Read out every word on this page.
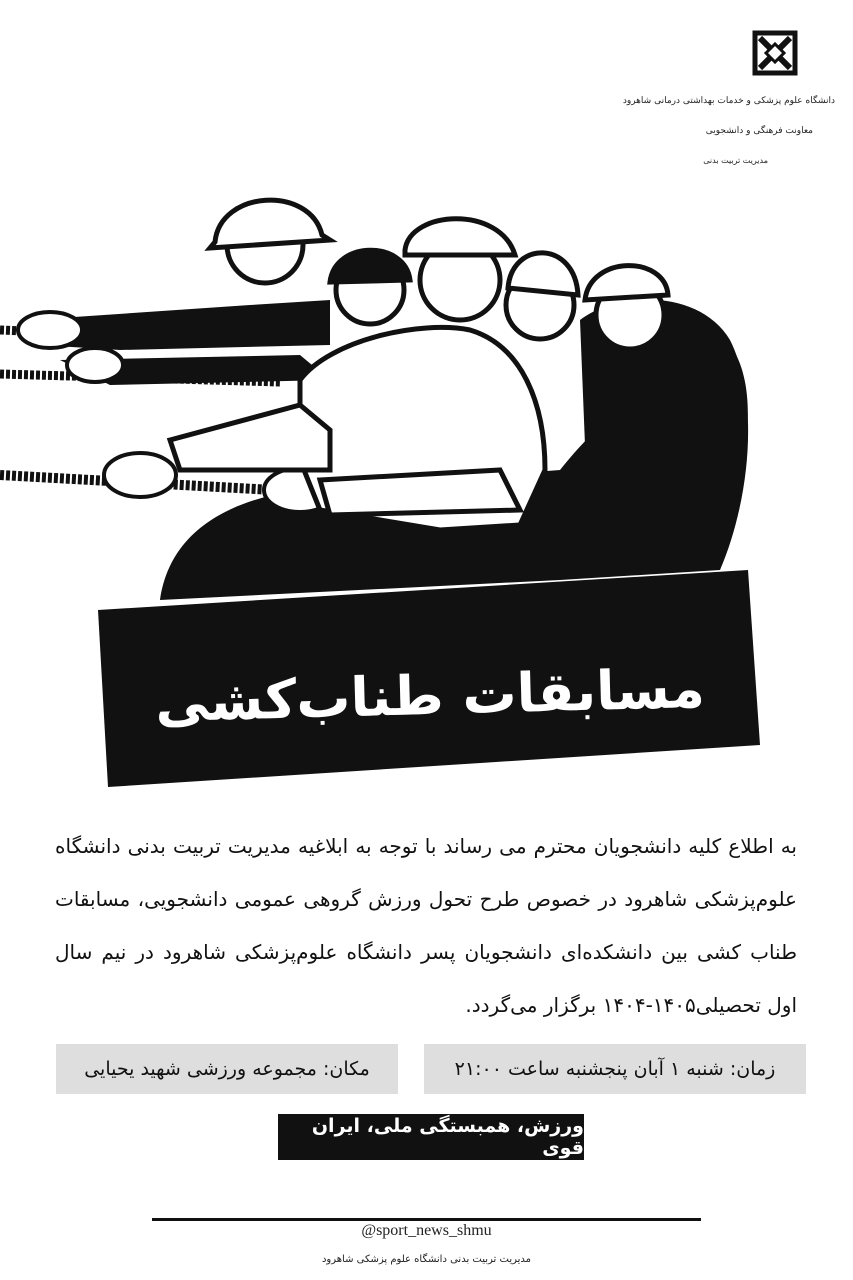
دانشگاه علوم پزشکی و خدمات بهداشتی درمانی شاهرود
معاونت فرهنگی و دانشجویی
مدیریت تربیت بدنی
مسابقات طناب‌کشی
به اطلاع کلیه دانشجویان محترم می رساند با توجه به ابلاغیه مدیریت تربیت بدنی دانشگاه علوم‌پزشکی شاهرود در خصوص طرح تحول ورزش گروهی عمومی دانشجویی، مسابقات طناب کشی بین دانشکده‌ای دانشجویان پسر دانشگاه علوم‌پزشکی شاهرود در نیم سال اول تحصیلی۱۴۰۵-۱۴۰۴ برگزار می‌گردد.
زمان: شنبه ۱ آبان پنجشنبه ساعت ۲۱:۰۰
مکان: مجموعه ورزشی شهید یحیایی
ورزش، همبستگی ملی، ایران قوی
@sport_news_shmu
مدیریت تربیت بدنی دانشگاه علوم پزشکی شاهرود
